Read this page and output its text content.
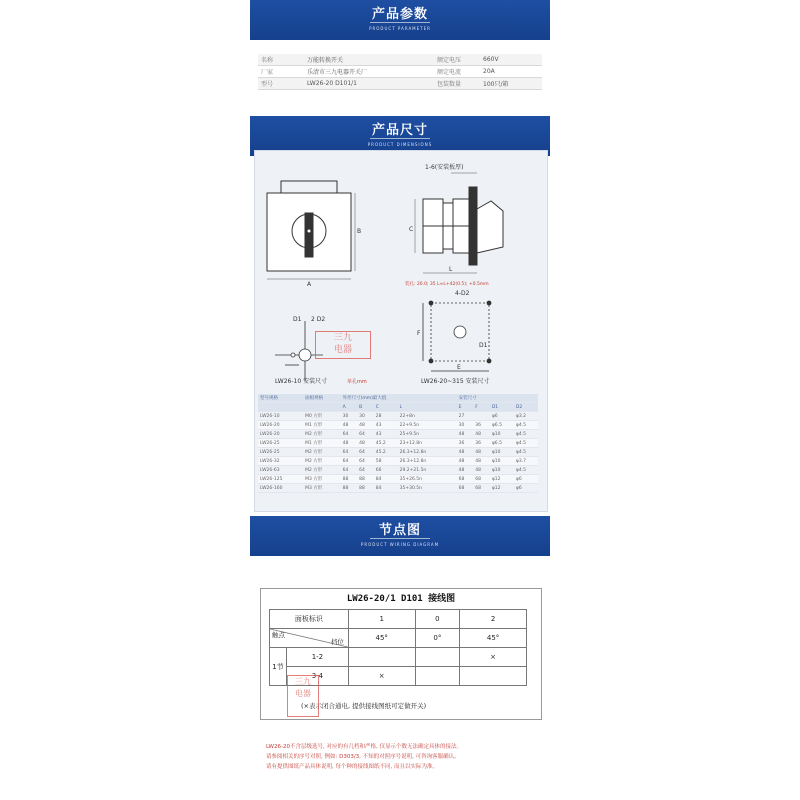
产品参数
PRODUCT PARAMETER
名称	万能转换开关	额定电压	660V
厂家	乐清市三九电器开关厂	额定电流	20A
型号	LW26-20 D101/1	包装数量	100只/箱
产品尺寸
PRODUCT DIMENSIONS
A
B
1-6(安装板厚)
C
L
装孔: 20.0; 35 L≈L+42(0.5); +0.5mm
4-D2
D1 2 D2
LW26-10 安装尺寸	单孔mm
E
F
D1
LW26-20~315 安装尺寸
三九
电器
型号规格	面板规格	外形尺寸(mm)最大值					安装尺寸			
		A	B	C	L		E	F	D1	D2
LW26-10	M0 方形	30	30	28	22+8n		27		φ6	φ3.2
LW26-20	M1 方形	48	48	43	22+9.5n		30	36	φ6.5	φ4.5
LW26-20	M2 方形	64	64	43	25+9.5n		48	48	φ10	φ4.5
LW26-25	M1 方形	48	48	45.2	23+12.8n		36	36	φ6.5	φ4.5
LW26-25	M2 方形	64	64	45.2	26.3+12.8n		48	48	φ10	φ4.5
LW26-32	M2 方形	64	64	58	26.3+12.8n		48	48	φ10	φ3.7
LW26-63	M2 方形	64	64	66	29.2+21.5n		48	48	φ10	φ4.5
LW26-125	M3 方形	88	88	84	35+26.5n		68	68	φ12	φ6
LW26-160	M3 方形	88	88	84	35+30.5n		68	68	φ12	φ6
节点图
PRODUCT WIRING DIAGRAM
LW26-20/1 D101 接线图
面板标识		1	0	2

触点
档位		45°	0°	45°
1节	1-2			×
	3-4	×		
(×表示闭合通电, 提供接线图纸可定做开关)
三九
电器
LW26-20不含层级选号, 对应的有几档和严格, 仅显示个数无法确定具体的接法。
请参阅相关的序号对照, 例如: D303/3, 不知的对照序号说明, 可咨询客服确认。
请有提供图纸产品具体说明, 每个种的接线图纸不同, 而且以实际为准。
